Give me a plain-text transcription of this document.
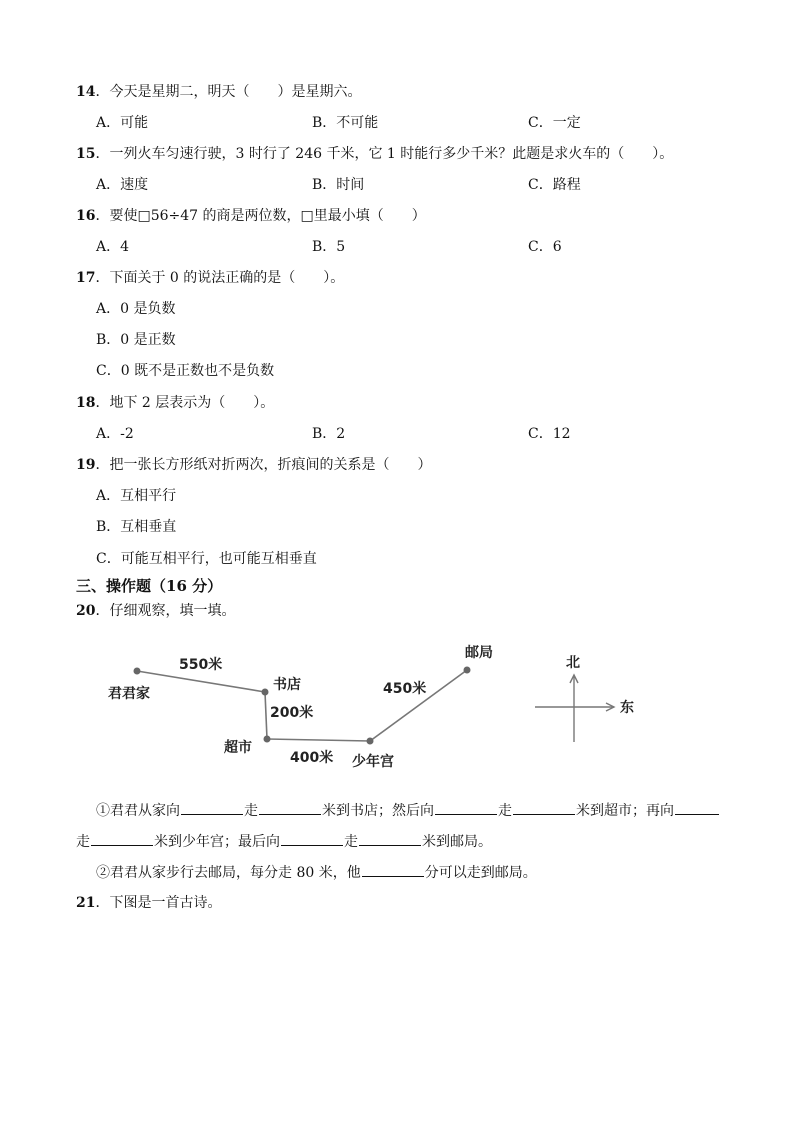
14．今天是星期二，明天（ ）是星期六。
A．可能	B．不可能	C．一定
15．一列火车匀速行驶，3 时行了 246 千米，它 1 时能行多少千米？此题是求火车的（ ）。
A．速度	B．时间	C．路程
16．要使□56÷47 的商是两位数，□里最小填（ ）
A．4	B．5	C．6
17．下面关于 0 的说法正确的是（ ）。
A．0 是负数
B．0 是正数
C．0 既不是正数也不是负数
18．地下 2 层表示为（ ）。
A．-2	B．2	C．12
19．把一张长方形纸对折两次，折痕间的关系是（ ）
A．互相平行
B．互相垂直
C．可能互相平行，也可能互相垂直
三、操作题（16 分）
20．仔细观察，填一填。
君君家
书店
超市
少年宫
邮局
550米
200米
400米
450米
北
东
①君君从家向	走	米到书店；然后向	走	米到超市；再向
走	米到少年宫；最后向	走	米到邮局。
②君君从家步行去邮局，每分走 80 米，他	分可以走到邮局。
21．下图是一首古诗。
